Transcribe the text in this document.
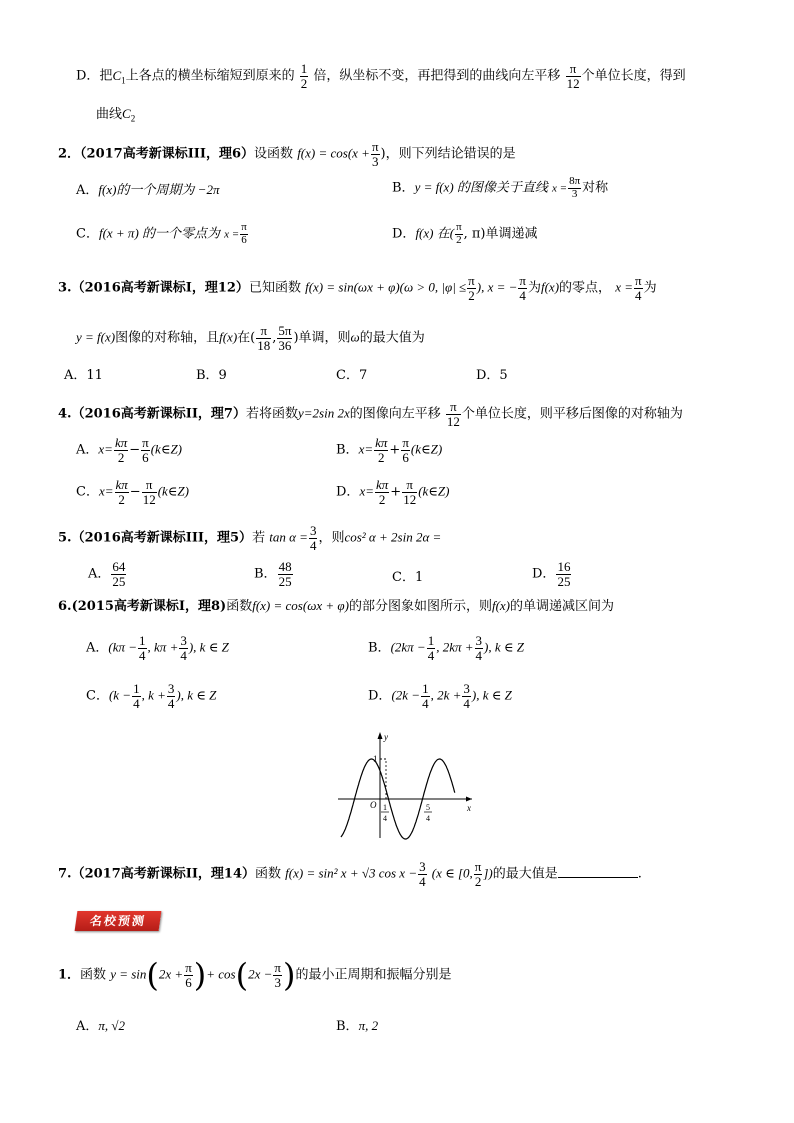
D．把$C_1$上各点的横坐标缩短到原来的 $\frac{1}{2}$ 倍，纵坐标不变，再把得到的曲线向左平移 $\frac{\pi}{12}$ 个单位长度，得到
曲线$C_2$
2．（2017高考新课标III，理6）设函数 $f(x) = \cos(x + \frac{\pi}{3}$ )，则下列结论错误的是
A．f(x)的一个周期为 −2π	B．y = f(x) 的图像关于直线 $x = \frac{8\pi}{3}$ 对称
C．f(x + π) 的一个零点为 $x = \frac{\pi}{6}$	D．f(x) 在( $\frac{\pi}{2}$ , π)单调递减
3.（2016高考新课标I，理12）已知函数 f(x) = sin(ωx + φ)(ω > 0, $|\varphi| \le \frac{\pi}{2}$ ), x = − $\frac{\pi}{4}$ 为f(x)的零点， $x = \frac{\pi}{4}$ 为
y = f(x)图像的对称轴，且f(x)在( $\frac{\pi}{18}$ , $\frac{5\pi}{36}$ )单调，则ω的最大值为
A．11	B．9	C．7	D．5
4.（2016高考新课标II，理7）若将函数y=2sin 2x的图像向左平移 $\frac{\pi}{12}$ 个单位长度，则平移后图像的对称轴为
A．$x= \frac{k\pi}{2} - \frac{\pi}{6}$ (k∈Z)	B．$x= \frac{k\pi}{2} + \frac{\pi}{6}$ (k∈Z)
C．$x= \frac{k\pi}{2} - \frac{\pi}{12}$ (k∈Z)	D．$x= \frac{k\pi}{2} + \frac{\pi}{12}$ (k∈Z)
5.（2016高考新课标III，理5）若 $\tan \alpha = \frac{3}{4}$ ，则cos² α + 2sin 2α =
A． $\frac{64}{25}$	B． $\frac{48}{25}$	C．1	D． $\frac{16}{25}$
6.(2015高考新课标I，理8)函数f(x) = cos(ωx + φ)的部分图象如图所示，则f(x)的单调递减区间为
A．($k\pi - \frac{1}{4}$ , $k\pi + \frac{3}{4}$ ), k ∈ Z	B．($2k\pi - \frac{1}{4}$ , $2k\pi + \frac{3}{4}$ ), k ∈ Z
C．($k - \frac{1}{4}$ , $k + \frac{3}{4}$ ), k ∈ Z	D．($2k - \frac{1}{4}$ , $2k + \frac{3}{4}$ ), k ∈ Z
y
x
1
O 1
4
5
4
7.（2017高考新课标II，理14）函数 f(x) = sin² x + √3 $\cos x - \frac{3}{4} (x$ ∈ [0, $\frac{\pi}{2}$ ])的最大值是	.
名校预测
1．函数 $y = \sin(2x + \frac{\pi}{6}$ )+ $\cos(2x - \frac{\pi}{3}$ )的最小正周期和振幅分别是
A．π, √2	B．π, 2
